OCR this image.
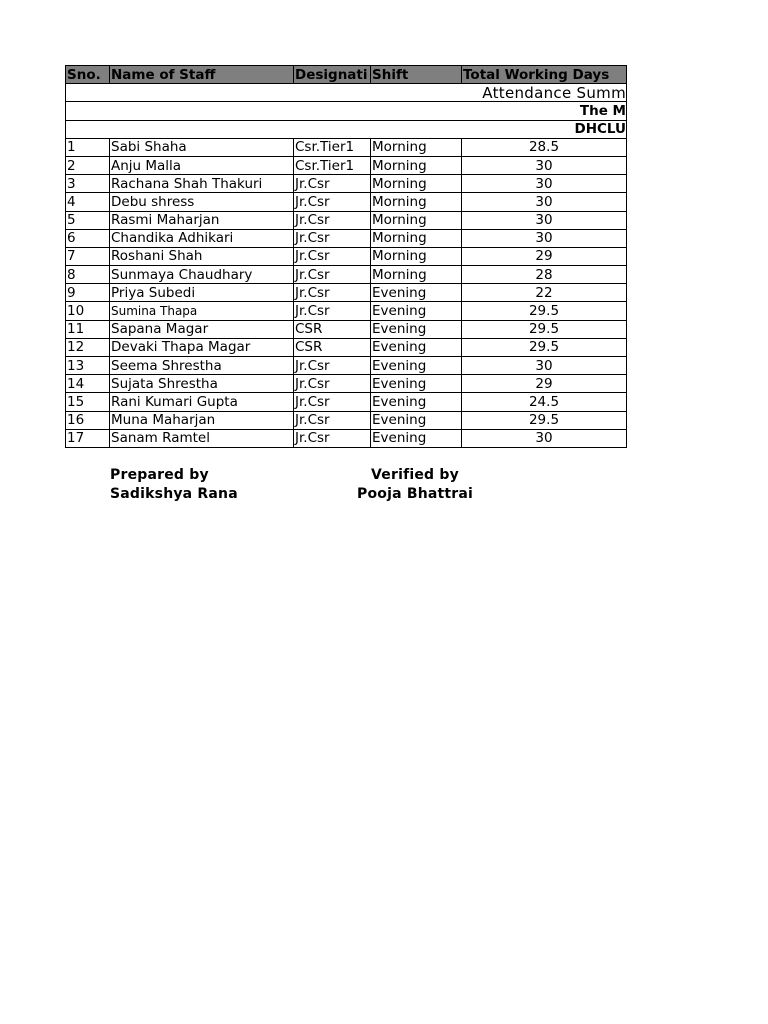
Attendance Summ				
The M				
DHCLU				
Sno.	Name of Staff	Designati	Shift	Total Working Days
1	Sabi Shaha	Csr.Tier1	Morning	28.5
2	Anju Malla	Csr.Tier1	Morning	30
3	Rachana Shah Thakuri	Jr.Csr	Morning	30
4	Debu shress	Jr.Csr	Morning	30
5	Rasmi Maharjan	Jr.Csr	Morning	30
6	Chandika Adhikari	Jr.Csr	Morning	30
7	Roshani Shah	Jr.Csr	Morning	29
8	Sunmaya Chaudhary	Jr.Csr	Morning	28
9	Priya Subedi	Jr.Csr	Evening	22
10	Sumina Thapa	Jr.Csr	Evening	29.5
11	Sapana Magar	CSR	Evening	29.5
12	Devaki Thapa Magar	CSR	Evening	29.5
13	Seema Shrestha	Jr.Csr	Evening	30
14	Sujata Shrestha	Jr.Csr	Evening	29
15	Rani Kumari Gupta	Jr.Csr	Evening	24.5
16	Muna Maharjan	Jr.Csr	Evening	29.5
17	Sanam Ramtel	Jr.Csr	Evening	30
Prepared by
Sadikshya Rana
Verified by
Pooja Bhattrai
